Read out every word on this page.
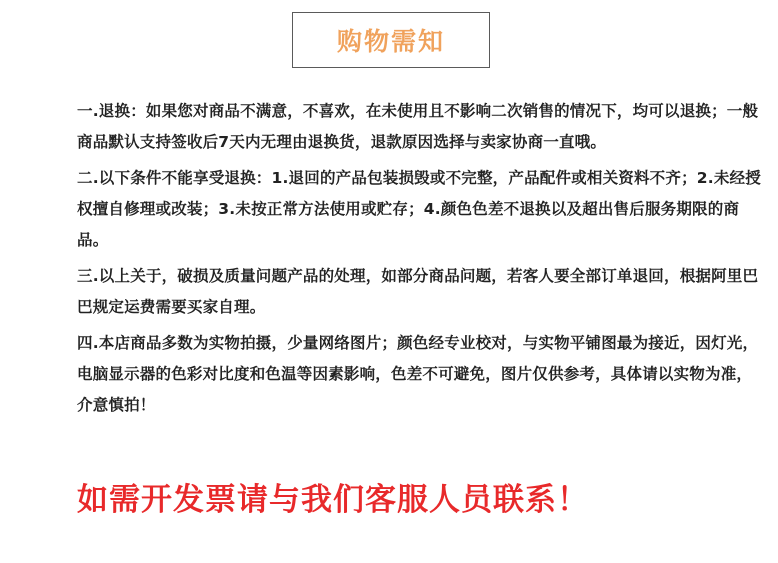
购物需知

一.退换：如果您对商品不满意，不喜欢，在未使用且不影响二次销售的情况下，均可以退换；一般商品默认支持签收后7天内无理由退换货，退款原因选择与卖家协商一直哦。

二.以下条件不能享受退换：1.退回的产品包装损毁或不完整，产品配件或相关资料不齐；2.未经授权擅自修理或改装；3.未按正常方法使用或贮存；4.颜色色差不退换以及超出售后服务期限的商品。

三.以上关于，破损及质量问题产品的处理，如部分商品问题，若客人要全部订单退回，根据阿里巴巴规定运费需要买家自理。

四.本店商品多数为实物拍摄，少量网络图片；颜色经专业校对，与实物平铺图最为接近，因灯光，电脑显示器的色彩对比度和色温等因素影响，色差不可避免，图片仅供参考，具体请以实物为准，介意慎拍！

如需开发票请与我们客服人员联系！
